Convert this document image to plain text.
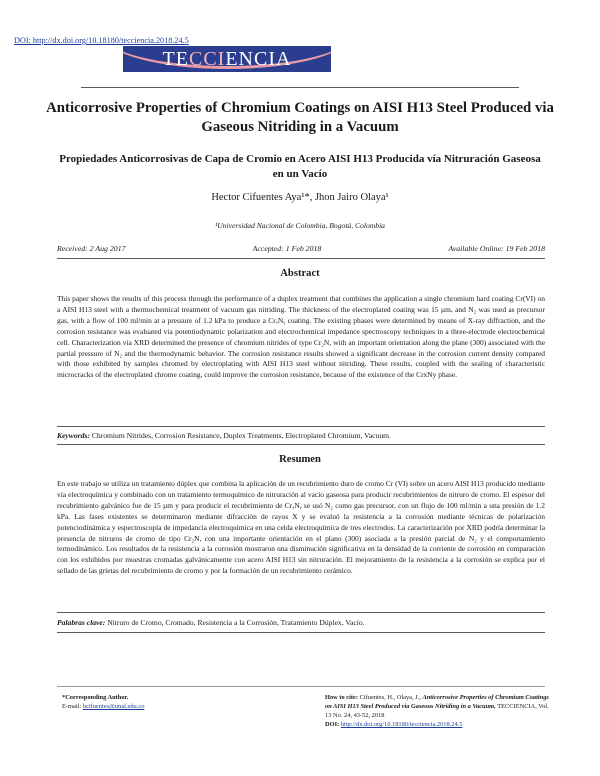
DOI: http://dx.doi.org/10.18180/tecciencia.2018.24.5
TECCIENCIA
Anticorrosive Properties of Chromium Coatings on AISI H13 Steel Produced via Gaseous Nitriding in a Vacuum
Propiedades Anticorrosivas de Capa de Cromio en Acero AISI H13 Producida vía Nitruración Gaseosa en un Vacío
Hector Cifuentes Aya¹*, Jhon Jairo Olaya¹
¹Universidad Nacional de Colombia, Bogotá, Colombia
Received: 2 Aug 2017	Accepted: 1 Feb 2018	Available Online: 19 Feb 2018
Abstract
This paper shows the results of this process through the performance of a duplex treatment that combines the application a single chromium hard coating Cr(VI) on a AISI H13 steel with a thermochemical treatment of vacuum gas nitriding. The thickness of the electroplated coating was 15 µm, and N₂ was used as precursor gas, with a flow of 100 ml/min at a pressure of 1.2 kPa to produce a CrₓNᵧ coating. The existing phases were determined by means of X-ray diffraction, and the corrosion resistance was evaluated via potentiodynamic polarization and electrochemical impedance spectroscopy techniques in a three-electrode electrochemical cell. Characterization via XRD determined the presence of chromium nitrides of type Cr₂N, with an important orientation along the plane (300) associated with the partial pressure of N₂ and the thermodynamic behavior. The corrosion resistance results showed a significant decrease in the corrosion current density compared with those exhibited by samples chromed by electroplating with AISI H13 steel without nitriding. These results, coupled with the sealing of characteristic microcracks of the electroplated chrome coating, could improve the corrosion resistance, because of the existence of the CrxNy phase.
Keywords: Chromium Nitrides, Corrosion Resistance, Duplex Treatments, Electroplated Chromium, Vacuum.
Resumen
En este trabajo se utiliza un tratamiento dúplex que combina la aplicación de un recubrimiento duro de cromo Cr (VI) sobre un acero AISI H13 producido mediante vía electroquímica y combinado con un tratamiento termoquímico de nitruración al vacío gaseosa para producir recubrimientos de nitruro de cromo. El espesor del recubrimiento galvánico fue de 15 µm y para producir el recubrimiento de CrₓNᵧ se usó N₂ como gas precursor, con un flujo de 100 ml/min a una presión de 1.2 kPa. Las fases existentes se determinaron mediante difracción de rayos X y se evaluó la resistencia a la corrosión mediante técnicas de polarización potenciodinámica y espectroscopía de impedancia electroquímica en una celda electroquímica de tres electrodos. La caracterización por XRD podría determinar la presencia de nitruros de cromo de tipo Cr₂N, con una importante orientación en el plano (300) asociada a la presión parcial de N₂ y el comportamiento termodinámico. Los resultados de la resistencia a la corrosión mostraron una disminución significativa en la densidad de la corriente de corrosión en comparación con los exhibidos por muestras cromadas galvánicamente con acero AISI H13 sin nitruración. El mejoramiento de la resistencia a la corrosión se explica por el sellado de las grietas del recubrimiento de cromo y por la formación de un recubrimiento cerámico.
Palabras clave: Nitruro de Cromo, Cromado, Resistencia a la Corrosión, Tratamiento Dúplex, Vacío.
*Corresponding Author.
E-mail: hcifuentes@unal.edu.co
How to cite: Cifuentes, H., Olaya, J., Anticorrosive Properties of Chromium Coatings on AISI H13 Steel Produced via Gaseous Nitriding in a Vacuum, TECCIENCIA, Vol. 13 No. 24, 43-52, 2018
DOI: http://dx.doi.org/10.18180/tecciencia.2018.24.5
